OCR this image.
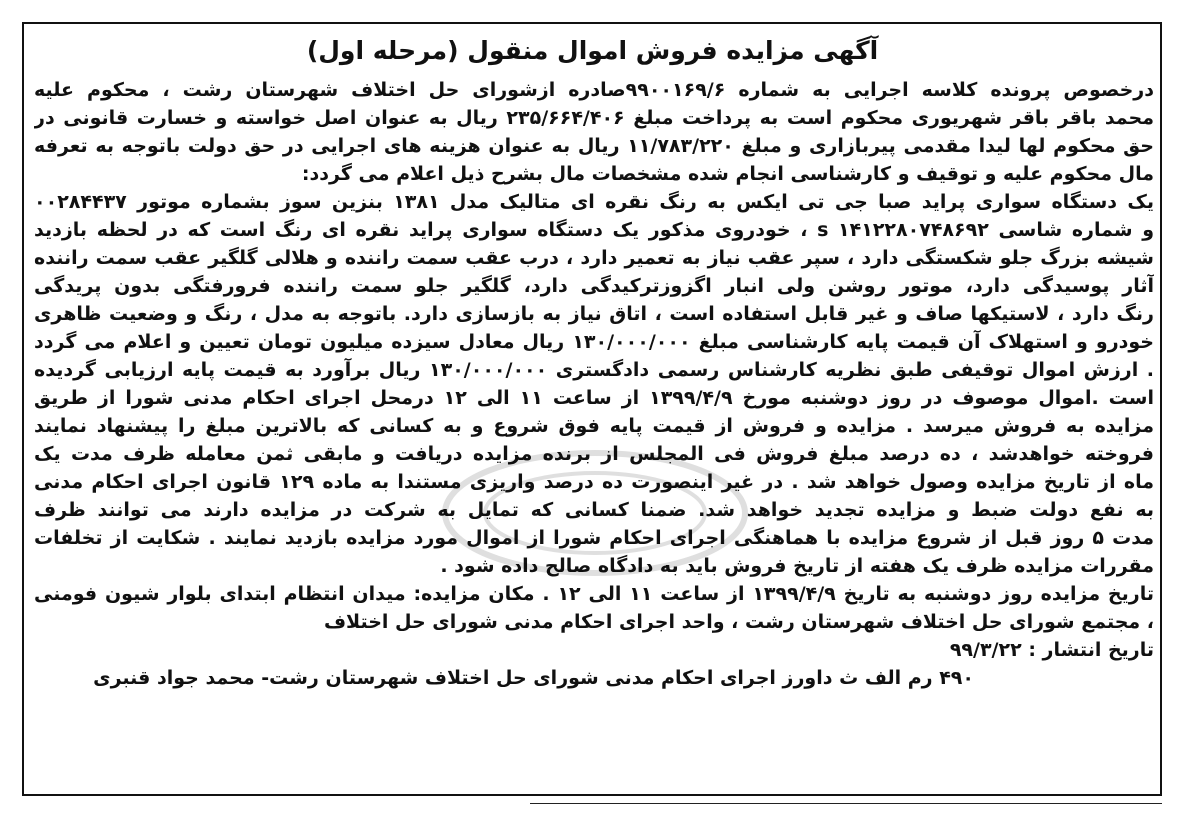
آگهی مزایده فروش اموال منقول (مرحله اول)
درخصوص پرونده کلاسه اجرایی به شماره ۹۹۰۰۱۶۹/۶صادره ازشورای حل اختلاف شهرستان رشت ، محکوم علیه
محمد باقر باقر شهریوری محکوم است به پرداخت مبلغ ۲۳۵/۶۶۴/۴۰۶ ریال به عنوان اصل خواسته و خسارت قانونی در
حق محکوم لها لیدا مقدمی پیربازاری و مبلغ ۱۱/۷۸۳/۲۲۰ ریال به عنوان هزینه های اجرایی در حق دولت باتوجه به تعرفه
مال محکوم علیه و توقیف و کارشناسی انجام شده مشخصات مال بشرح ذیل اعلام می گردد:
یک دستگاه سواری پراید صبا جی تی ایکس به رنگ نقره ای متالیک مدل ۱۳۸۱ بنزین سوز بشماره موتور ۰۰۲۸۴۴۳۷
و شماره شاسی s ۱۴۱۲۲۸۰۷۴۸۶۹۲ ، خودروی مذکور یک دستگاه سواری پراید نقره ای رنگ است که در لحظه بازدید
شیشه بزرگ جلو شکستگی دارد ، سپر عقب نیاز به تعمیر دارد ، درب عقب سمت راننده و هلالی گلگیر عقب سمت راننده
آثار پوسیدگی دارد، موتور روشن ولی انبار اگزوزترکیدگی دارد، گلگیر جلو سمت راننده فرورفتگی بدون پریدگی
رنگ دارد ، لاستیکها صاف و غیر قابل استفاده است ، اتاق نیاز به بازسازی دارد. باتوجه به مدل ، رنگ و وضعیت ظاهری
خودرو و استهلاک آن قیمت پایه کارشناسی مبلغ ۱۳۰/۰۰۰/۰۰۰ ریال معادل سیزده میلیون تومان تعیین و اعلام می گردد
. ارزش اموال توقیفی طبق نظریه کارشناس رسمی دادگستری ۱۳۰/۰۰۰/۰۰۰ ریال برآورد به قیمت پایه ارزیابی گردیده
است .اموال موصوف در روز دوشنبه مورخ ۱۳۹۹/۴/۹ از ساعت ۱۱ الی ۱۲ درمحل اجرای احکام مدنی شورا از طریق
مزایده به فروش میرسد . مزایده و فروش از قیمت پایه فوق شروع و به کسانی که بالاترین مبلغ را پیشنهاد نمایند
فروخته خواهدشد ، ده درصد مبلغ فروش فی المجلس از برنده مزایده دریافت و مابقی ثمن معامله ظرف مدت یک
ماه از تاریخ مزایده وصول خواهد شد . در غیر اینصورت ده درصد واریزی مستندا به ماده ۱۲۹ قانون اجرای احکام مدنی
به نفع دولت ضبط و مزایده تجدید خواهد شد. ضمنا کسانی که تمایل به شرکت در مزایده دارند می توانند ظرف
مدت ۵ روز قبل از شروع مزایده با هماهنگی اجرای احکام شورا از اموال مورد مزایده بازدید نمایند . شکایت از تخلفات
مقررات مزایده ظرف یک هفته از تاریخ فروش باید به دادگاه صالح داده شود .
تاریخ مزایده روز دوشنبه به تاریخ ۱۳۹۹/۴/۹ از ساعت ۱۱ الی ۱۲ . مکان مزایده: میدان انتظام ابتدای بلوار شیون فومنی
، مجتمع شورای حل اختلاف شهرستان رشت ، واحد اجرای احکام مدنی شورای حل اختلاف
تاریخ انتشار : ۹۹/۳/۲۲
۴۹۰ رم الف ث داورز اجرای احکام مدنی شورای حل اختلاف شهرستان رشت- محمد جواد قنبری
